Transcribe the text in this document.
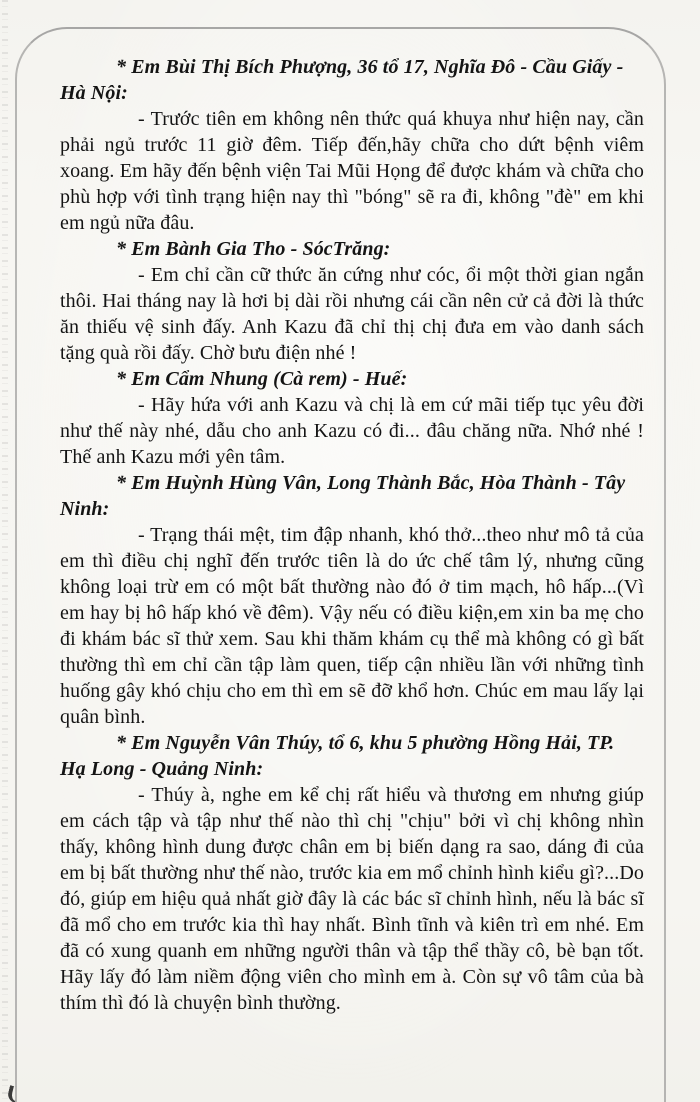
* Em Bùi Thị Bích Phượng, 36 tổ 17, Nghĩa Đô - Cầu Giấy - Hà Nội:

- Trước tiên em không nên thức quá khuya như hiện nay, cần phải ngủ trước 11 giờ đêm. Tiếp đến,hãy chữa cho dứt bệnh viêm xoang. Em hãy đến bệnh viện Tai Mũi Họng để được khám và chữa cho phù hợp với tình trạng hiện nay thì "bóng" sẽ ra đi, không "đè" em khi em ngủ nữa đâu.

* Em Bành Gia Tho - SócTrăng:

- Em chỉ cần cữ thức ăn cứng như cóc, ổi một thời gian ngắn thôi. Hai tháng nay là hơi bị dài rồi nhưng cái cần nên cử cả đời là thức ăn thiếu vệ sinh đấy. Anh Kazu đã chỉ thị chị đưa em vào danh sách tặng quà rồi đấy. Chờ bưu điện nhé !

* Em Cẩm Nhung (Cà rem) - Huế:

- Hãy hứa với anh Kazu và chị là em cứ mãi tiếp tục yêu đời như thế này nhé, dẫu cho anh Kazu có đi... đâu chăng nữa. Nhớ nhé ! Thế anh Kazu mới yên tâm.

* Em Huỳnh Hùng Vân, Long Thành Bắc, Hòa Thành - Tây Ninh:

- Trạng thái mệt, tim đập nhanh, khó thở...theo như mô tả của em thì điều chị nghĩ đến trước tiên là do ức chế tâm lý, nhưng cũng không loại trừ em có một bất thường nào đó ở tim mạch, hô hấp...(Vì em hay bị hô hấp khó về đêm). Vậy nếu có điều kiện,em xin ba mẹ cho đi khám bác sĩ thử xem. Sau khi thăm khám cụ thể mà không có gì bất thường thì em chỉ cần tập làm quen, tiếp cận nhiều lần với những tình huống gây khó chịu cho em thì em sẽ đỡ khổ hơn. Chúc em mau lấy lại quân bình.

* Em Nguyễn Vân Thúy, tổ 6, khu 5 phường Hồng Hải, TP. Hạ Long - Quảng Ninh:

- Thúy à, nghe em kể chị rất hiểu và thương em nhưng giúp em cách tập và tập như thế nào thì chị "chịu" bởi vì chị không nhìn thấy, không hình dung được chân em bị biến dạng ra sao, dáng đi của em bị bất thường như thế nào, trước kia em mổ chỉnh hình kiểu gì?...Do đó, giúp em hiệu quả nhất giờ đây là các bác sĩ chỉnh hình, nếu là bác sĩ đã mổ cho em trước kia thì hay nhất. Bình tĩnh và kiên trì em nhé. Em đã có xung quanh em những người thân và tập thể thầy cô, bè bạn tốt. Hãy lấy đó làm niềm động viên cho mình em à. Còn sự vô tâm của bà thím thì đó là chuyện bình thường.
